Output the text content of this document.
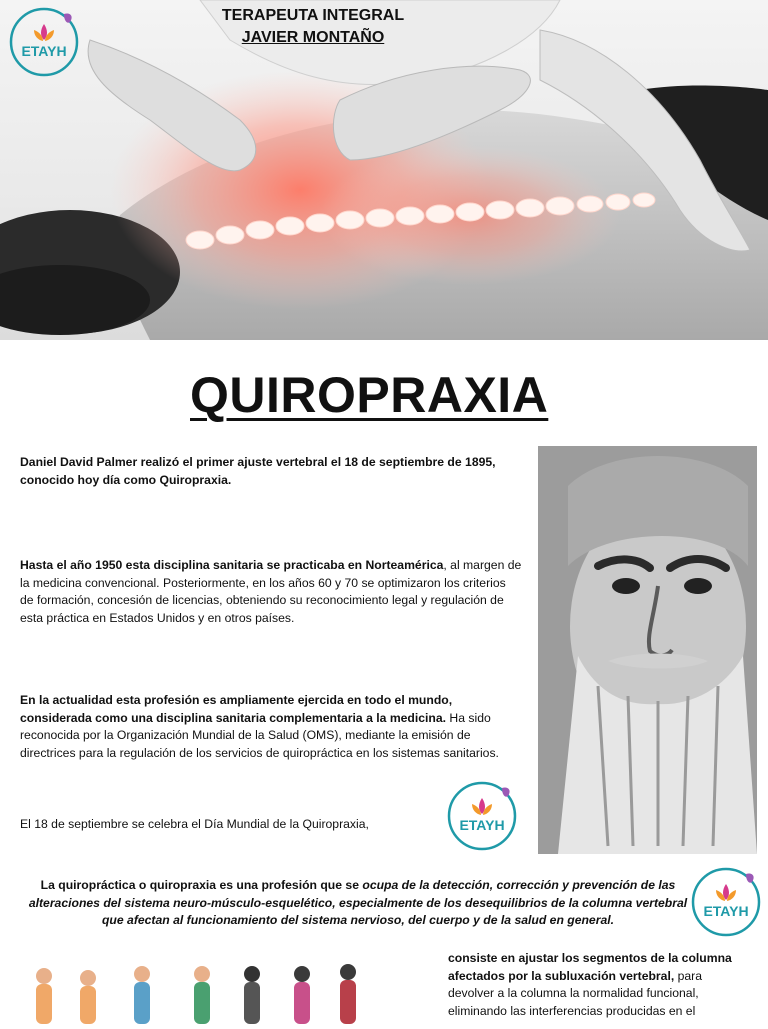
TERAPEUTA INTEGRAL
JAVIER MONTAÑO
ETAYH
QUIROPRAXIA
Daniel David Palmer realizó el primer ajuste vertebral el 18 de septiembre de 1895, conocido hoy día como Quiropraxia.
Hasta el año 1950 esta disciplina sanitaria se practicaba en Norteamérica, al margen de la medicina convencional. Posteriormente, en los años 60 y 70 se optimizaron los criterios de formación, concesión de licencias, obteniendo su reconocimiento legal y regulación de esta práctica en Estados Unidos y en otros países.
En la actualidad esta profesión es ampliamente ejercida en todo el mundo, considerada como una disciplina sanitaria complementaria a la medicina. Ha sido reconocida por la Organización Mundial de la Salud (OMS), mediante la emisión de directrices para la regulación de los servicios de quiropráctica en los sistemas sanitarios.
El 18 de septiembre se celebra el Día Mundial de la Quiropraxia,	ETAYH
La quiropráctica o quiropraxia es una profesión que se ocupa de la detección, corrección y prevención de las alteraciones del sistema neuro-músculo-esquelético, especialmente de los desequilibrios de la columna vertebral que afectan al funcionamiento del sistema nervioso, del cuerpo y de la salud en general.
ETAYH
consiste en ajustar los segmentos de la columna afectados por la subluxación vertebral, para devolver a la columna la normalidad funcional, eliminando las interferencias producidas en el
